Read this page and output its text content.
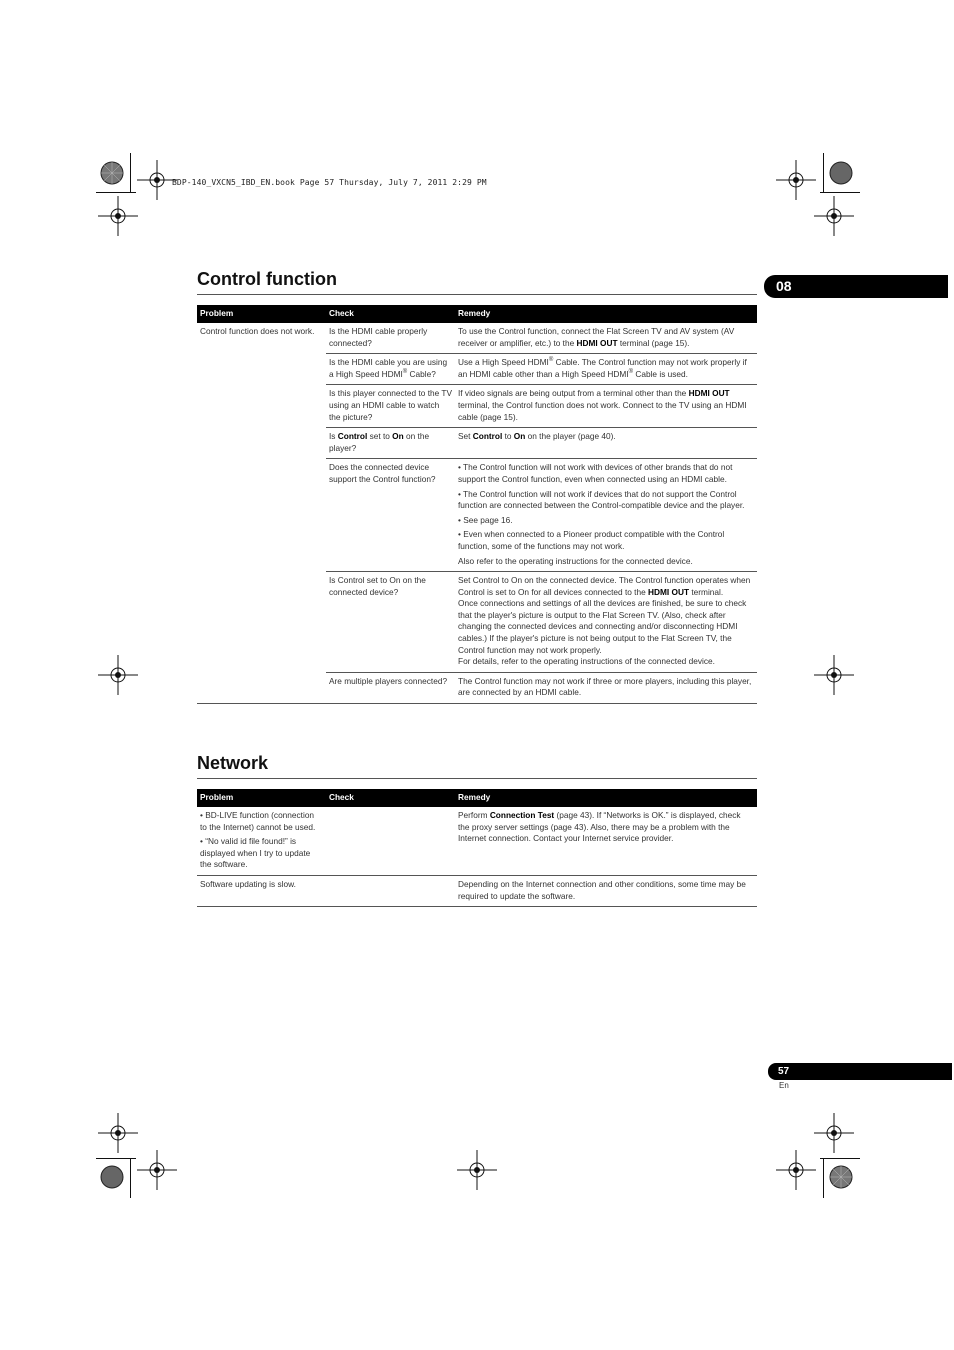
BDP-140_VXCN5_IBD_EN.book Page 57 Thursday, July 7, 2011 2:29 PM
08
Control function
Problem	Check	Remedy
Control function does not work.	Is the HDMI cable properly connected?	To use the Control function, connect the Flat Screen TV and AV system (AV receiver or amplifier, etc.) to the HDMI OUT terminal (page 15).
	Is the HDMI cable you are using a High Speed HDMI® Cable?	Use a High Speed HDMI® Cable. The Control function may not work properly if an HDMI cable other than a High Speed HDMI® Cable is used.
	Is this player connected to the TV using an HDMI cable to watch the picture?	If video signals are being output from a terminal other than the HDMI OUT terminal, the Control function does not work. Connect to the TV using an HDMI cable (page 15).
	Is Control set to On on the player?	Set Control to On on the player (page 40).
	Does the connected device support the Control function?	• The Control function will not work with devices of other brands that do not support the Control function, even when connected using an HDMI cable.

• The Control function will not work if devices that do not support the Control function are connected between the Control-compatible device and the player.

• See page 16.

• Even when connected to a Pioneer product compatible with the Control function, some of the functions may not work.

Also refer to the operating instructions for the connected device.

	Is Control set to On on the connected device?	Set Control to On on the connected device. The Control function operates when Control is set to On for all devices connected to the HDMI OUT terminal.
Once connections and settings of all the devices are finished, be sure to check that the player's picture is output to the Flat Screen TV. (Also, check after changing the connected devices and connecting and/or disconnecting HDMI cables.) If the player's picture is not being output to the Flat Screen TV, the Control function may not work properly.
For details, refer to the operating instructions of the connected device.

	Are multiple players connected?	The Control function may not work if three or more players, including this player, are connected by an HDMI cable.
Network
Problem	Check	Remedy

• BD-LIVE function (connection to the Internet) cannot be used.

• “No valid id file found!” is displayed when I try to update the software.		Perform Connection Test (page 43). If “Networks is OK.” is displayed, check the proxy server settings (page 43). Also, there may be a problem with the Internet connection. Contact your Internet service provider.
Software updating is slow.		Depending on the Internet connection and other conditions, some time may be required to update the software.
57
En
